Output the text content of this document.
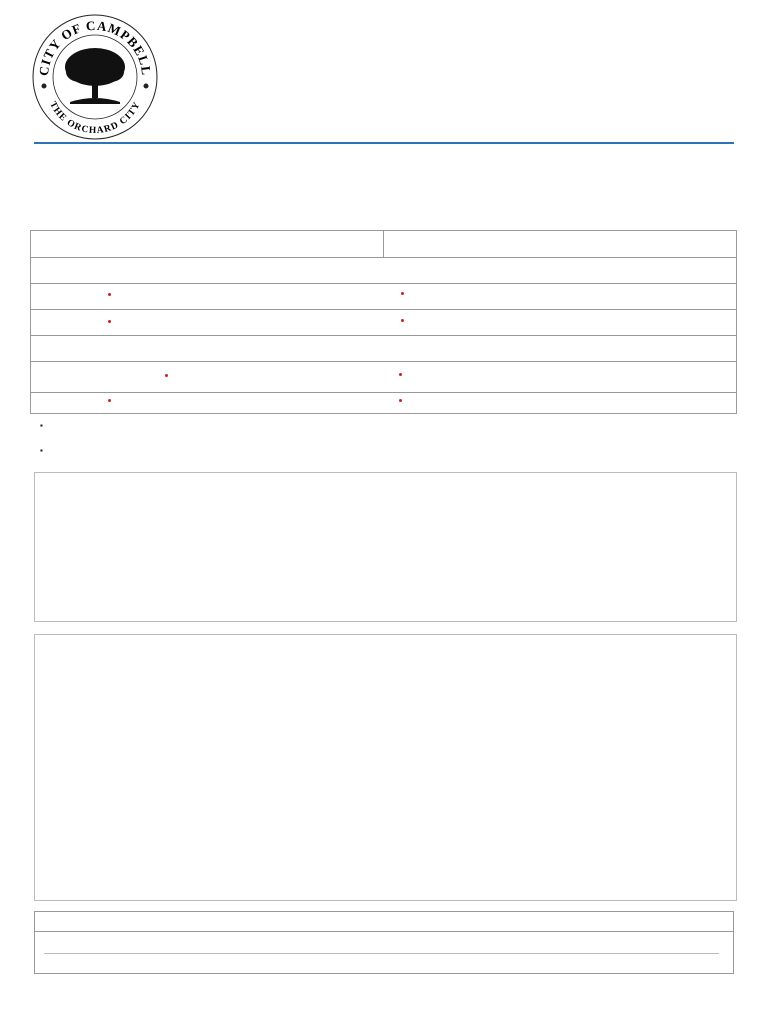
CITY OF CAMPBELL
THE ORCHARD CITY
▪
▪
